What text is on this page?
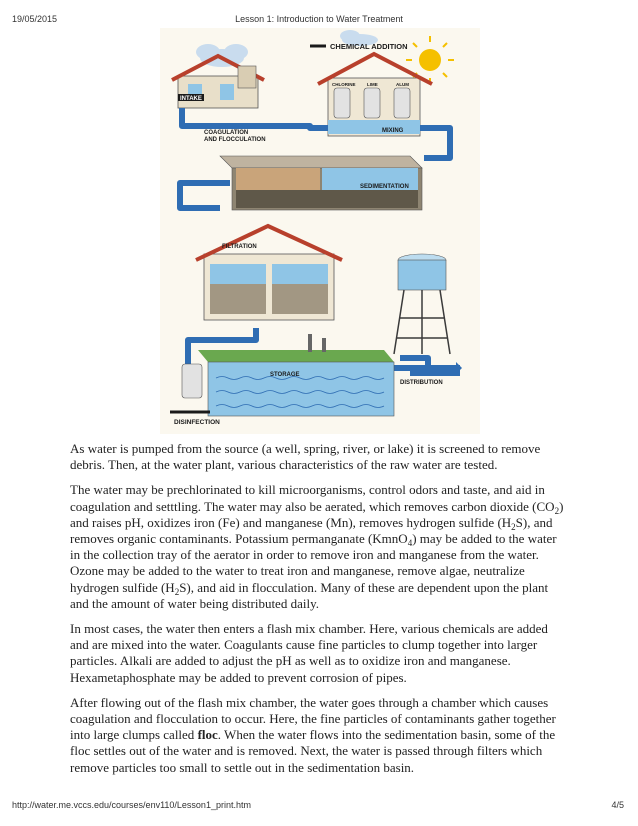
19/05/2015	Lesson 1: Introduction to Water Treatment
INTAKE
CHEMICAL ADDITION
CHLORINE	LIME	ALUM
MIXING
COAGULATION
AND FLOCCULATION
SEDIMENTATION
FILTRATION
STORAGE
DISINFECTION
DISTRIBUTION

As water is pumped from the source (a well, spring, river, or lake) it is screened to remove debris. Then, at the water plant, various characteristics of the raw water are tested.

The water may be prechlorinated to kill microorganisms, control odors and taste, and aid in coagulation and setttling. The water may also be aerated, which removes carbon dioxide $(CO_2)$ and raises pH, oxidizes iron (Fe) and manganese (Mn), removes hydrogen sulfide $(H_2S)$, and removes organic contaminants. Potassium permanganate (KmnO$_4$) may be added to the water in the collection tray of the aerator in order to remove iron and manganese from the water. Ozone may be added to the water to treat iron and manganese, remove algae, neutralize hydrogen sulfide $(H_2S)$, and aid in flocculation. Many of these are dependent upon the plant and the amount of water being distributed daily.

In most cases, the water then enters a flash mix chamber. Here, various chemicals are added and are mixed into the water. Coagulants cause fine particles to clump together into larger particles. Alkali are added to adjust the pH as well as to oxidize iron and manganese. Hexametaphosphate may be added to prevent corrosion of pipes.

After flowing out of the flash mix chamber, the water goes through a chamber which causes coagulation and flocculation to occur. Here, the fine particles of contaminants gather together into large clumps called floc. When the water flows into the sedimentation basin, some of the floc settles out of the water and is removed. Next, the water is passed through filters which remove particles too small to settle out in the sedimentation basin.

http://water.me.vccs.edu/courses/env110/Lesson1_print.htm	4/5
